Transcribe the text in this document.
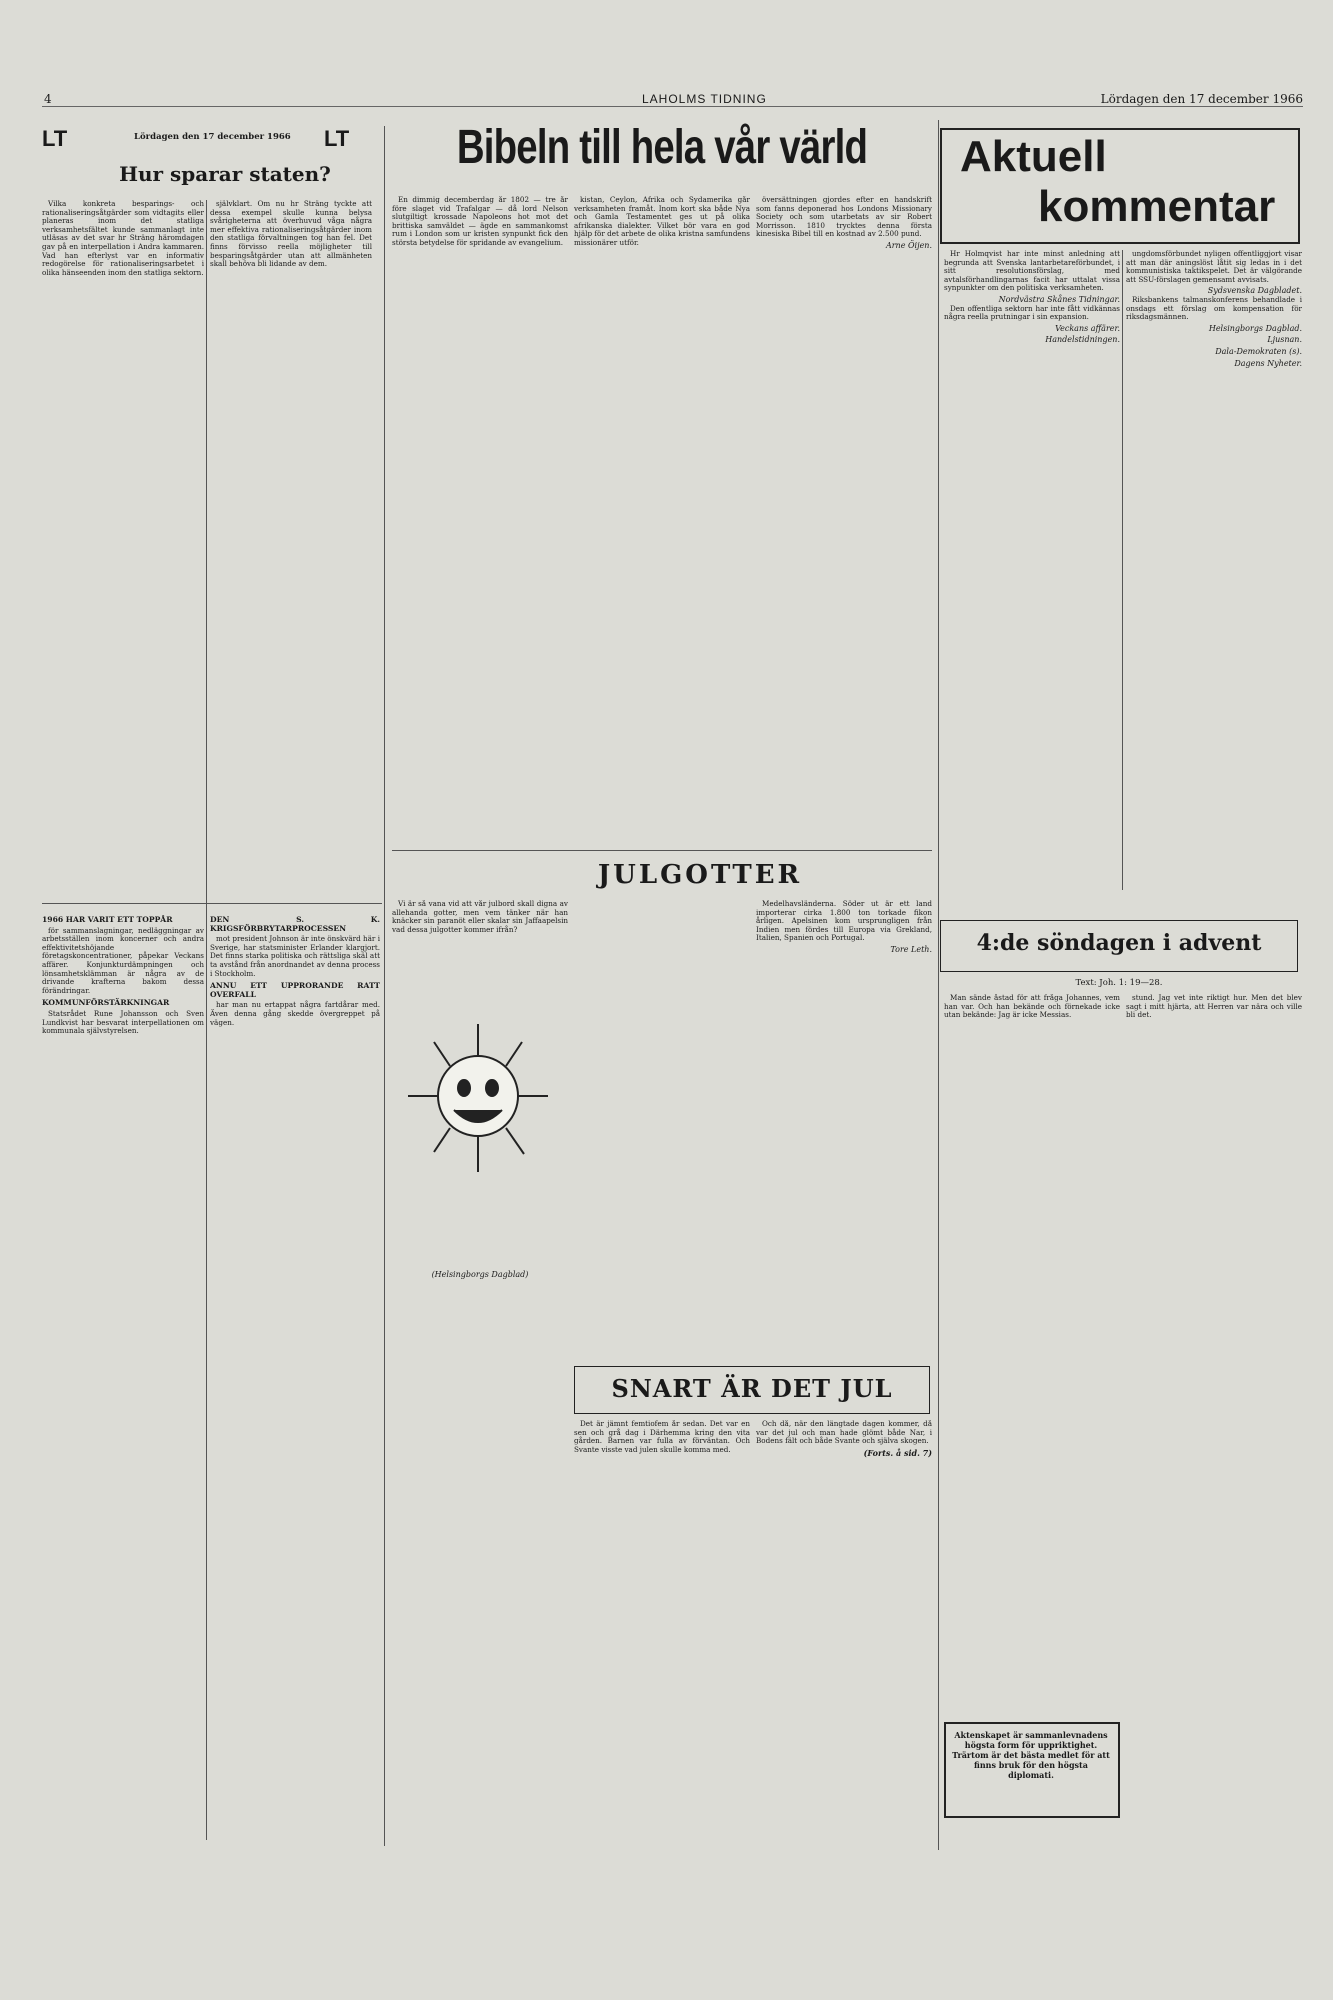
4	LAHOLMS TIDNING	Lördagen den 17 december 1966
LT	Lördagen den 17 december 1966 LT
Hur sparar staten?

Vilka konkreta besparings- och rationaliseringsåtgärder som vidtagits eller planeras inom det statliga verksamhetsfältet kunde sammanlagt inte utläsas av det svar hr Sträng häromdagen gav på en interpellation i Andra kammaren. Vad han efterlyst var en informativ redogörelse för rationaliseringsarbetet i olika hänseenden inom den statliga sektorn.

självklart. Om nu hr Sträng tyckte att dessa exempel skulle kunna belysa svårigheterna att överhuvud våga några mer effektiva rationaliseringsåtgärder inom den statliga förvaltningen tog han fel. Det finns förvisso reella möjligheter till besparingsåtgärder utan att allmänheten skall behöva bli lidande av dem.

1966 HAR VARIT ETT TOPPÅR

för sammanslagningar, nedläggningar av arbetsställen inom koncerner och andra effektivitetshöjande företagskoncentrationer, påpekar Veckans affärer. Konjunkturdämpningen och lönsamhetsklämman är några av de drivande krafterna bakom dessa förändringar.

KOMMUNFÖRSTÄRKNINGAR

Statsrådet Rune Johansson och Sven Lundkvist har besvarat interpellationen om kommunala självstyrelsen.

DEN S. K. KRIGSFÖRBRYTARPROCESSEN

mot president Johnson är inte önskvärd här i Sverige, har statsminister Erlander klargjort. Det finns starka politiska och rättsliga skäl att ta avstånd från anordnandet av denna process i Stockholm.

ANNU ETT UPPRORANDE RATT OVERFALL

har man nu ertappat några fartdårar med. Även denna gång skedde övergreppet på vägen.

Bibeln till hela vår värld

En dimmig decemberdag år 1802 — tre år före slaget vid Trafalgar — då lord Nelson slutgiltigt krossade Napoleons hot mot det brittiska samväldet — ägde en sammankomst rum i London som ur kristen synpunkt fick den största betydelse för spridande av evangelium.

kistan, Ceylon, Afrika och Sydamerika går verksamheten framåt. Inom kort ska både Nya och Gamla Testamentet ges ut på olika afrikanska dialekter. Vilket bör vara en god hjälp för det arbete de olika kristna samfundens missionärer utför.

översättningen gjordes efter en handskrift som fanns deponerad hos Londons Missionary Society och som utarbetats av sir Robert Morrisson. 1810 trycktes denna första kinesiska Bibel till en kostnad av 2.500 pund.

Arne Öijen.
JULGOTTER

Vi är så vana vid att vår julbord skall digna av allehanda gotter, men vem tänker när han knäcker sin paranöt eller skalar sin Jaffaapelsin vad dessa julgotter kommer ifrån?

Medelhavsländerna. Söder ut är ett land importerar cirka 1.800 ton torkade fikon årligen. Apelsinen kom ursprungligen från Indien men fördes till Europa via Grekland, Italien, Spanien och Portugal.

Tore Leth.
(Helsingborgs Dagblad)
SNART ÄR DET JUL

Det är jämnt femtiofem år sedan. Det var en sen och grå dag i Därhemma kring den vita gården. Barnen var fulla av förväntan. Och Svante visste vad julen skulle komma med.

Och då, när den längtade dagen kommer, då var det jul och man hade glömt både Nar, i Bodens fält och både Svante och själva skogen.

(Forts. å sid. 7)
Aktuell
kommentar

Hr Holmqvist har inte minst anledning att begrunda att Svenska lantarbetareförbundet, i sitt resolutionsförslag, med avtalsförhandlingarnas facit har uttalat vissa synpunkter om den politiska verksamheten.

Nordvästra Skånes Tidningar.

Den offentliga sektorn har inte fått vidkännas några reella prutningar i sin expansion.

Veckans affärer.
Handelstidningen.

ungdomsförbundet nyligen offentliggjort visar att man där aningslöst låtit sig ledas in i det kommunistiska taktikspelet. Det är välgörande att SSU-förslagen gemensamt avvisats.

Sydsvenska Dagbladet.

Riksbankens talmanskonferens behandlade i onsdags ett förslag om kompensation för riksdagsmännen.

Helsingborgs Dagblad.
Ljusnan.
Dala-Demokraten (s).
Dagens Nyheter.
4:de söndagen i advent
Text: Joh. 1: 19—28.

Man sände åstad för att fråga Johannes, vem han var. Och han bekände och förnekade icke utan bekände: Jag är icke Messias.

stund. Jag vet inte riktigt hur. Men det blev sagt i mitt hjärta, att Herren var nära och ville bli det.

Aktenskapet är sammanlevnadens högsta form för uppriktighet. Trärtom är det bästa medlet för att finns bruk för den högsta diplomati.
